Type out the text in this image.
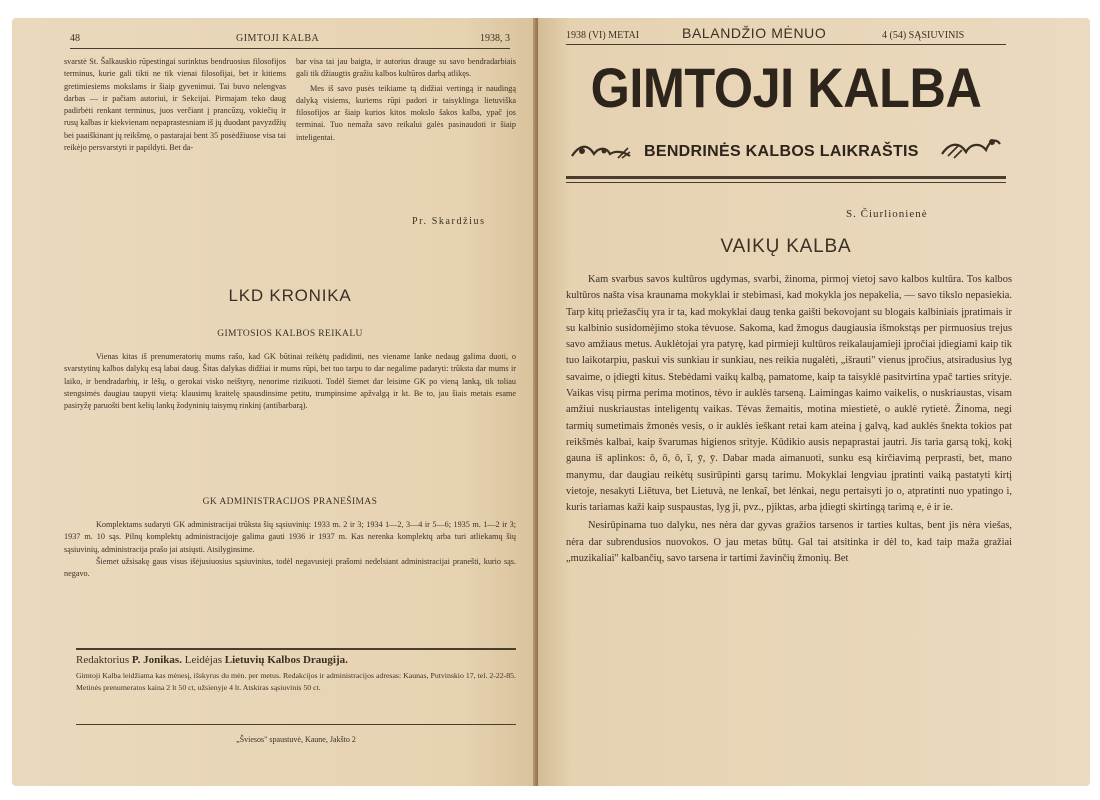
48	GIMTOJI KALBA	1938, 3
svarstė St. Šalkauskio rūpestingai surinktus bendruosius filosofijos terminus, kurie gali tikti ne tik vienai filosofijai, bet ir kitiems gretimiesiems mokslams ir šiaip gyvenimui. Tai buvo nelengvas darbas — ir pačiam autoriui, ir Sekcijai. Pirmajam teko daug padirbėti renkant terminus, juos verčiant į prancūzų, vokiečių ir rusų kalbas ir kiekvienam nepaprastesniam iš jų duodant pavyzdžių bei paaiškinant jų reikšmę, o pastarajai bent 35 posėdžiuose visa tai reikėjo persvarstyti ir papildyti. Bet da-

bar visa tai jau baigta, ir autorius drauge su savo bendradarbiais gali tik džiaugtis gražiu kalbos kultūros darbą atlikęs.

Mes iš savo pusės teikiame tą didžiai vertingą ir naudingą dalyką visiems, kuriems rūpi padori ir taisyklinga lietuviška filosofijos ar šiaip kurios kitos mokslo šakos kalba, ypač jos terminai. Tuo nemaža savo reikalui galės pasinaudoti ir šiaip inteligentai.

Pr. Skardžius
LKD KRONIKA
GIMTOSIOS KALBOS REIKALU
Vienas kitas iš prenumeratorių mums rašo, kad GK būtinai reikėtų padidinti, nes viename lanke nedaug galima duoti, o svarstytinų kalbos dalykų esą labai daug. Šitas dalykas didžiai ir mums rūpi, bet tuo tarpu to dar negalime padaryti: trūksta dar mums ir laiko, ir bendradarbių, ir lėšų, o gerokai visko neištyrę, nenorime rizikuoti. Todėl šiemet dar leisime GK po vieną lanką, tik toliau stengsimės daugiau taupyti vietą: klausimų kraitelę spausdinsime petitu, trumpinsime apžvalgą ir kt. Be to, jau šiais metais esame pasiryžę paruošti bent kelių lankų žodyninių taisymų rinkinį (antibarbarą).
GK ADMINISTRACIJOS PRANEŠIMAS

Komplektams sudaryti GK administracijai trūksta šių sąsiuvinių: 1933 m. 2 ir 3; 1934 1—2, 3—4 ir 5—6; 1935 m. 1—2 ir 3; 1937 m. 10 sąs. Pilnų komplektų administracijoje galima gauti 1936 ir 1937 m. Kas nerenka komplektų arba turi atliekamų šių sąsiuvinių, administracija prašo jai atsiųsti. Atsilyginsime.

Šiemet užsisakę gaus visus išėjusiuosius sąsiuvinius, todėl negavusieji prašomi nedelsiant administracijai pranešti, kurio sąs. negavo.

Redaktorius P. Jonikas. Leidėjas Lietuvių Kalbos Draugija.
Gimtoji Kalba leidžiama kas mėnesį, išskyrus du mėn. per metus. Redakcijos ir administracijos adresas: Kaunas, Putvinskio 17, tel. 2-22-85. Metinės prenumeratos kaina 2 lt 50 ct, užsienyje 4 lt. Atskiras sąsiuvinis 50 ct.
„Šviesos" spaustuvė, Kaune, Jakšto 2
1938 (VI) METAI	BALANDŽIO MĖNUO	4 (54) SĄSIUVINIS
GIMTOJI KALBA
BENDRINĖS KALBOS LAIKRAŠTIS
S. Čiurlionienė
VAIKŲ KALBA

Kam svarbus savos kultūros ugdymas, svarbi, žinoma, pirmoj vietoj savo kalbos kultūra. Tos kalbos kultūros našta visa kraunama mokyklai ir stebimasi, kad mokykla jos nepakelia, — savo tikslo nepasiekia. Tarp kitų priežasčių yra ir ta, kad mokyklai daug tenka gaišti bekovojant su blogais kalbiniais įpratimais ir su kalbinio susidomėjimo stoka tėvuose. Sakoma, kad žmogus daugiausia išmokstąs per pirmuosius trejus savo amžiaus metus. Auklėtojai yra patyrę, kad pirmieji kultūros reikalaujamieji įpročiai įdiegiami kaip tik tuo laikotarpiu, paskui vis sunkiau ir sunkiau, nes reikia nugalėti, „išrauti" vienus įpročius, atsiradusius lyg savaime, o įdiegti kitus. Stebėdami vaikų kalbą, pamatome, kaip ta taisyklė pasitvirtina ypač tarties srityje. Vaikas visų pirma perima motinos, tėvo ir auklės tarseną. Laimingas kaimo vaikelis, o nuskriaustas, visam amžiui nuskriaustas inteligentų vaikas. Tėvas žemaitis, motina miestietė, o auklė rytietė. Žinoma, negi tarmių sumetimais žmonės vesis, o ir auklės ieškant retai kam ateina į galvą, kad auklės šnekta tokios pat reikšmės kalbai, kaip švarumas higienos srityje. Kūdikio ausis nepaprastai jautri. Jis taria garsą tokį, kokį gauna iš aplinkos: ō, ō, ō, ī, ȳ, ȳ. Dabar mada aimanuoti, sunku esą kirčiavimą perprasti, bet, mano manymu, dar daugiau reikėtų susirūpinti garsų tarimu. Mokyklai lengviau įpratinti vaiką pastatyti kirtį vietoje, nesakyti Liẽtuva, bet Lietuvà, ne lenkaĩ, bet lénkai, negu pertaisyti jo o, atpratinti nuo ypatingo i, kuris tariamas kaži kaip suspaustas, lyg ji, pvz., pjiktas, arba įdiegti skirtingą tarimą e, ė ir ie.

Nesirūpinama tuo dalyku, nes nėra dar gyvas gražios tarsenos ir tarties kultas, bent jis nėra viešas, nėra dar subrendusios nuovokos. O jau metas būtų. Gal tai atsitinka ir dėl to, kad taip maža gražiai „muzikaliai" kalbančių, savo tarsena ir tartimi žavinčių žmonių. Bet
